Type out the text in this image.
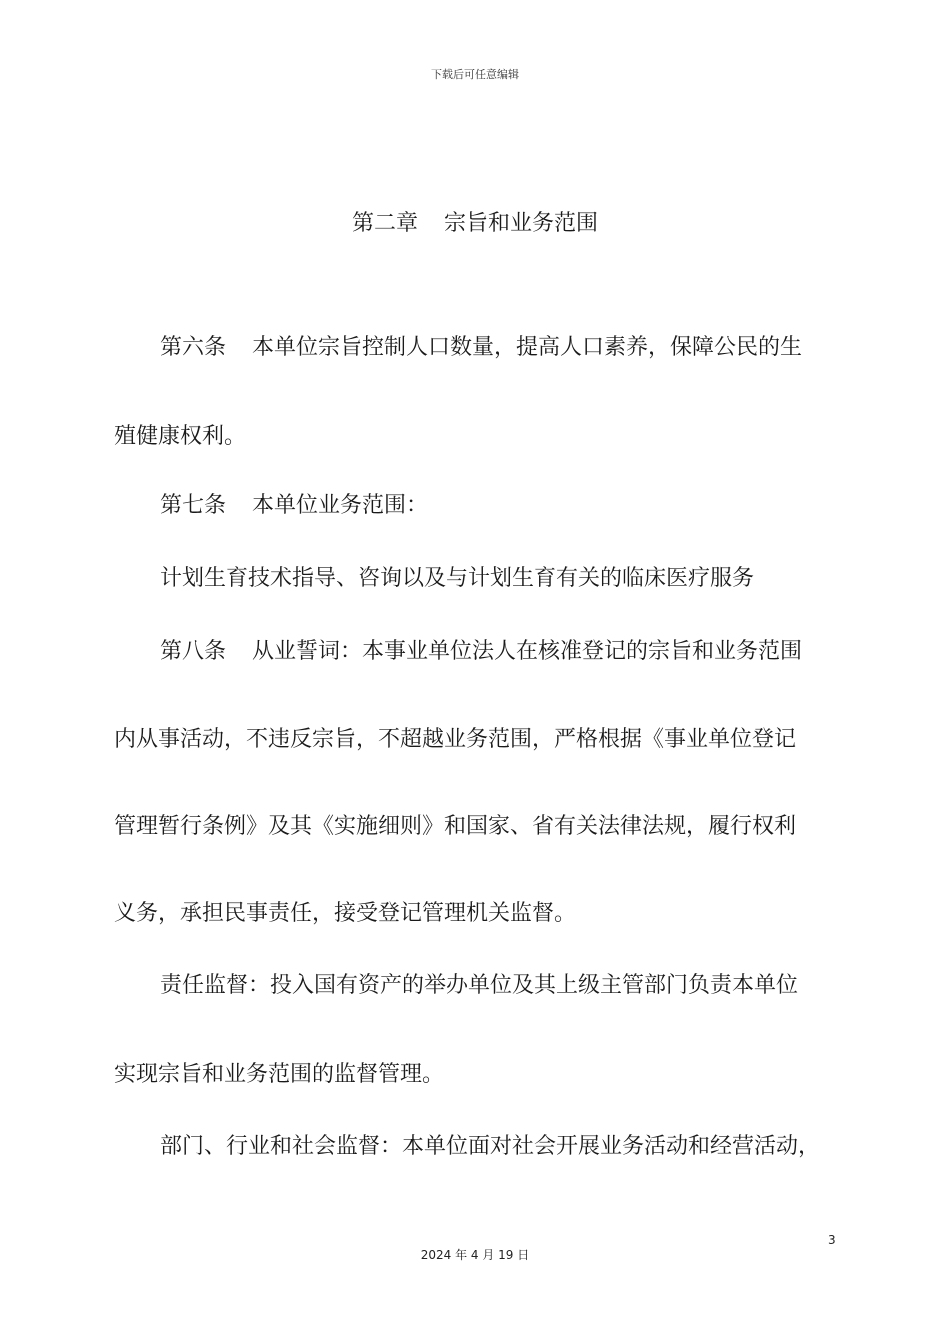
下载后可任意编辑
第二章 宗旨和业务范围
第六条 本单位宗旨控制人口数量，提高人口素养，保障公民的生
殖健康权利。
第七条 本单位业务范围：
计划生育技术指导、咨询以及与计划生育有关的临床医疗服务
第八条 从业誓词：本事业单位法人在核准登记的宗旨和业务范围
内从事活动，不违反宗旨，不超越业务范围，严格根据《事业单位登记
管理暂行条例》及其《实施细则》和国家、省有关法律法规，履行权利
义务，承担民事责任，接受登记管理机关监督。
责任监督：投入国有资产的举办单位及其上级主管部门负责本单位
实现宗旨和业务范围的监督管理。
部门、行业和社会监督：本单位面对社会开展业务活动和经营活动，
3
2024 年 4 月 19 日
